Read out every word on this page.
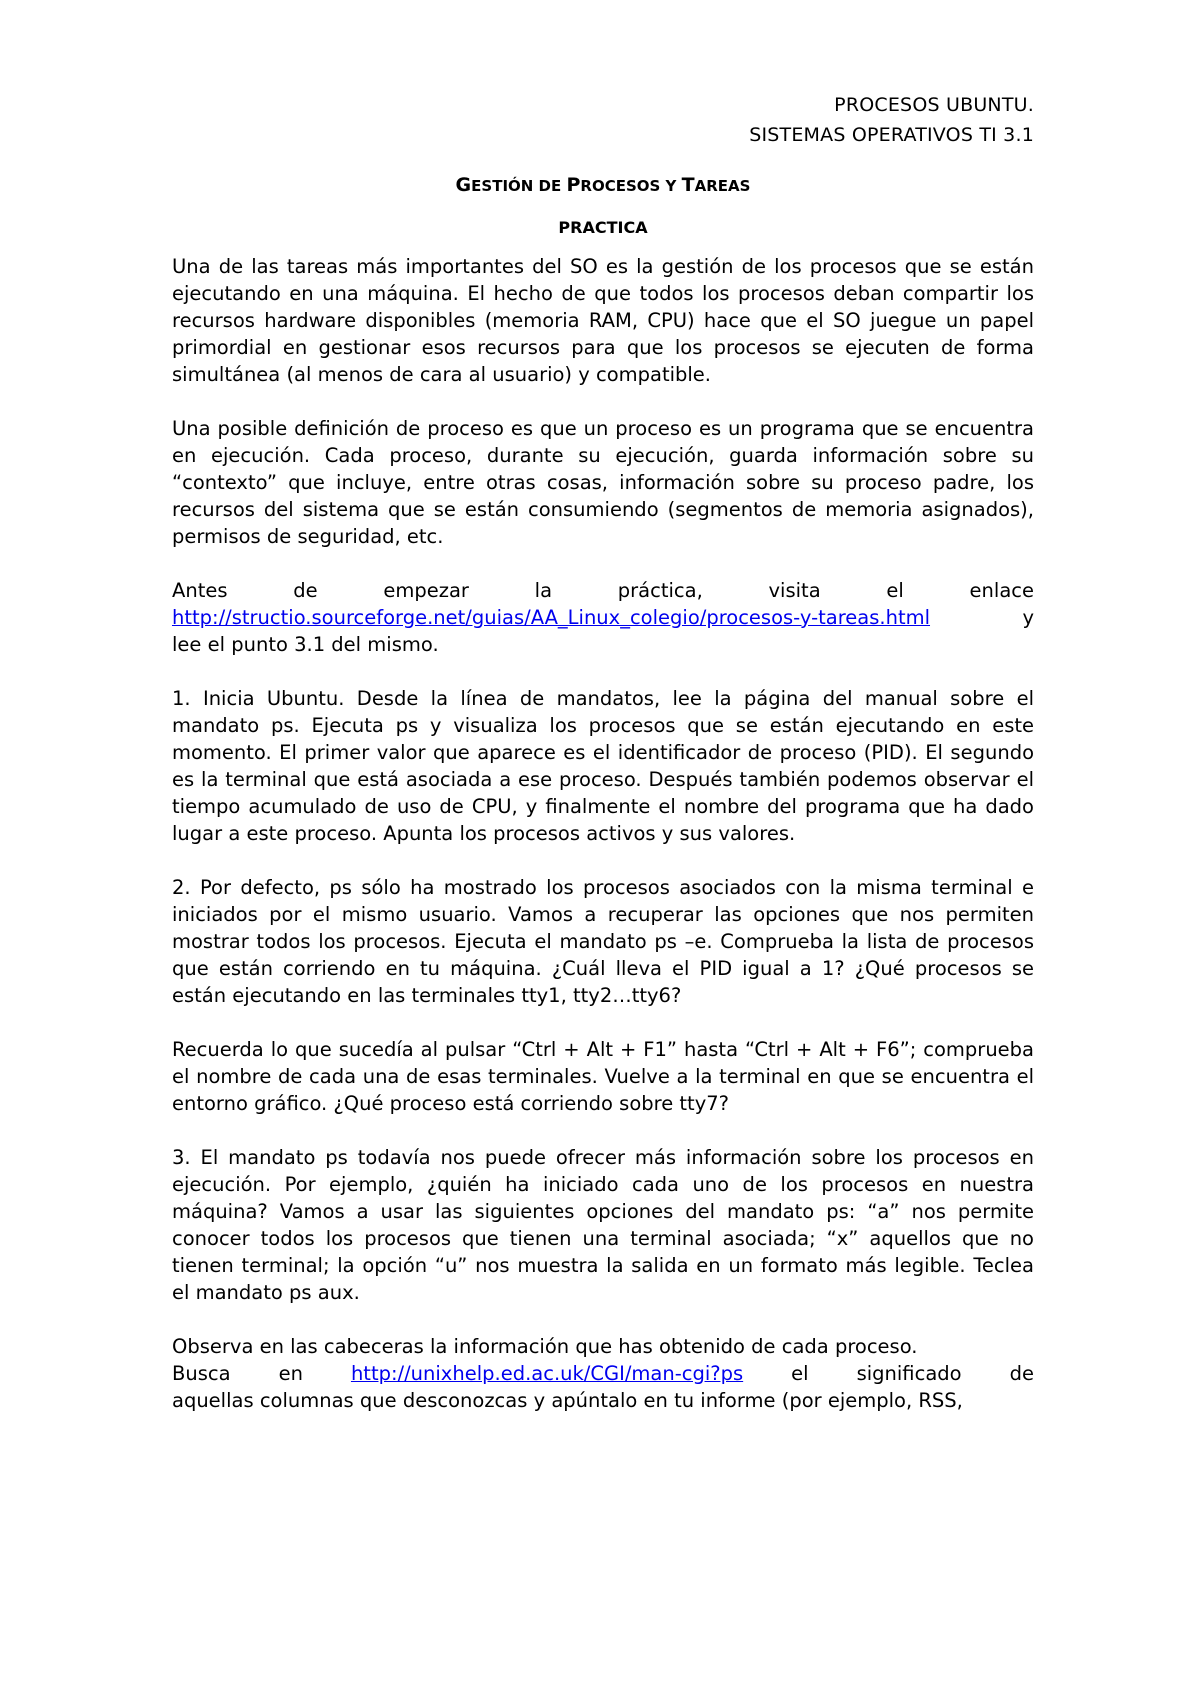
PROCESOS UBUNTU.
SISTEMAS OPERATIVOS TI 3.1
GESTIÓN DE PROCESOS Y TAREAS
PRACTICA

Una de las tareas más importantes del SO es la gestión de los procesos que se están ejecutando en una máquina. El hecho de que todos los procesos deban compartir los recursos hardware disponibles (memoria RAM, CPU) hace que el SO juegue un papel primordial en gestionar esos recursos para que los procesos se ejecuten de forma simultánea (al menos de cara al usuario) y compatible.

Una posible definición de proceso es que un proceso es un programa que se encuentra en ejecución. Cada proceso, durante su ejecución, guarda información sobre su “contexto” que incluye, entre otras cosas, información sobre su proceso padre, los recursos del sistema que se están consumiendo (segmentos de memoria asignados), permisos de seguridad, etc.

Antes	de	empezar	la	práctica,	visita	el	enlace
http://structio.sourceforge.net/guias/AA_Linux_colegio/procesos-y-tareas.html	y
lee el punto 3.1 del mismo.

1. Inicia Ubuntu. Desde la línea de mandatos, lee la página del manual sobre el mandato ps. Ejecuta ps y visualiza los procesos que se están ejecutando en este momento. El primer valor que aparece es el identificador de proceso (PID). El segundo es la terminal que está asociada a ese proceso. Después también podemos observar el tiempo acumulado de uso de CPU, y finalmente el nombre del programa que ha dado lugar a este proceso. Apunta los procesos activos y sus valores.

2. Por defecto, ps sólo ha mostrado los procesos asociados con la misma terminal e iniciados por el mismo usuario. Vamos a recuperar las opciones que nos permiten mostrar todos los procesos. Ejecuta el mandato ps –e. Comprueba la lista de procesos que están corriendo en tu máquina. ¿Cuál lleva el PID igual a 1? ¿Qué procesos se están ejecutando en las terminales tty1, tty2…tty6?

Recuerda lo que sucedía al pulsar “Ctrl + Alt + F1” hasta “Ctrl + Alt + F6”; comprueba el nombre de cada una de esas terminales. Vuelve a la terminal en que se encuentra el entorno gráfico. ¿Qué proceso está corriendo sobre tty7?

3. El mandato ps todavía nos puede ofrecer más información sobre los procesos en ejecución. Por ejemplo, ¿quién ha iniciado cada uno de los procesos en nuestra máquina? Vamos a usar las siguientes opciones del mandato ps: “a” nos permite conocer todos los procesos que tienen una terminal asociada; “x” aquellos que no tienen terminal; la opción “u” nos muestra la salida en un formato más legible. Teclea el mandato ps aux.

Observa en las cabeceras la información que has obtenido de cada proceso.
Busca en http://unixhelp.ed.ac.uk/CGI/man-cgi?ps el significado de
aquellas columnas que desconozcas y apúntalo en tu informe (por ejemplo, RSS,
